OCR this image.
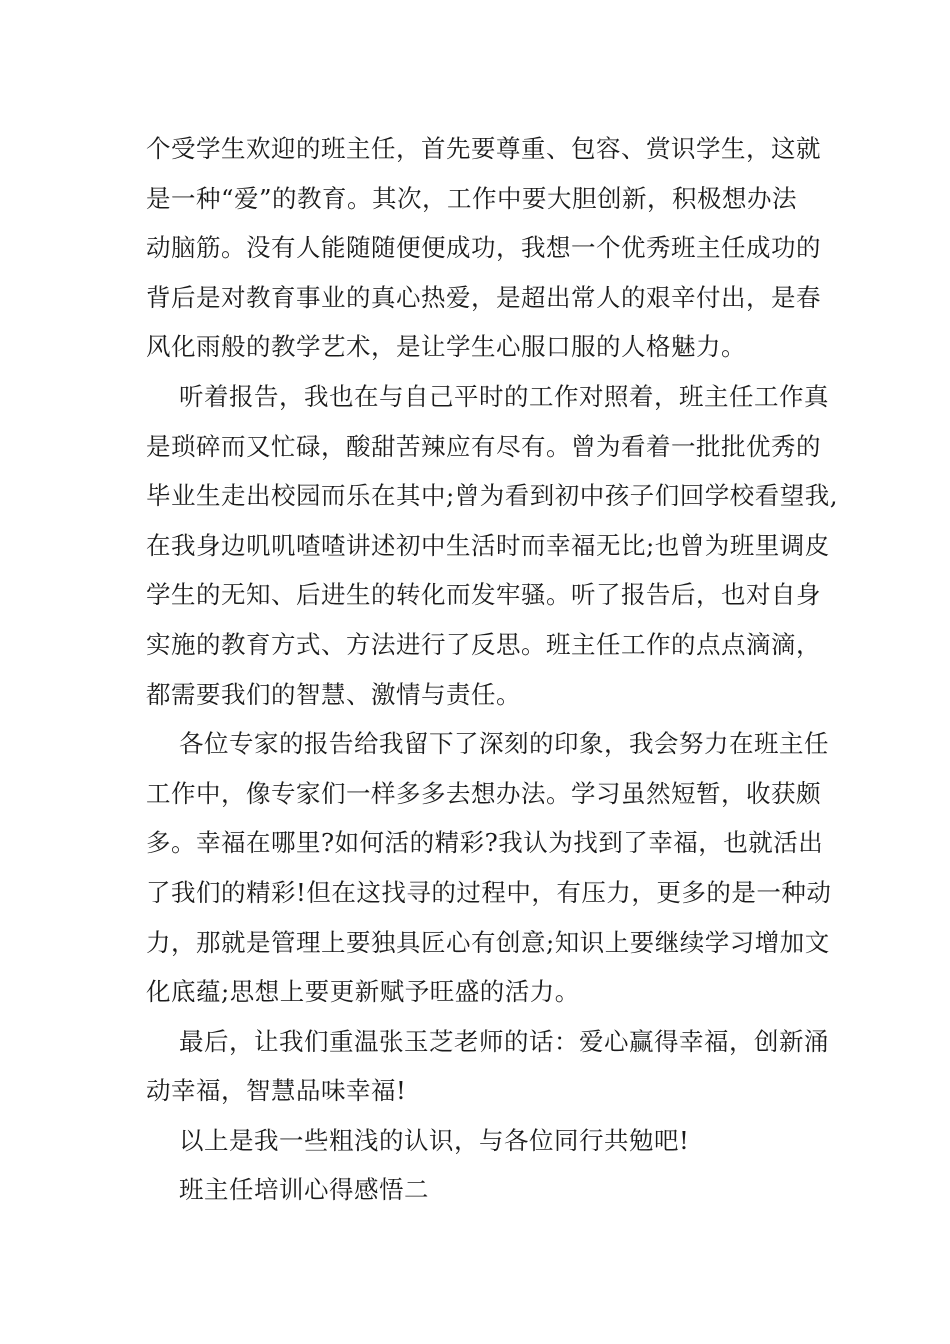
个受学生欢迎的班主任，首先要尊重、包容、赏识学生，这就
是一种“爱”的教育。其次，工作中要大胆创新，积极想办法
动脑筋。没有人能随随便便成功，我想一个优秀班主任成功的
背后是对教育事业的真心热爱，是超出常人的艰辛付出，是春
风化雨般的教学艺术，是让学生心服口服的人格魅力。
听着报告，我也在与自己平时的工作对照着，班主任工作真
是琐碎而又忙碌，酸甜苦辣应有尽有。曾为看着一批批优秀的
毕业生走出校园而乐在其中;曾为看到初中孩子们回学校看望我,
在我身边叽叽喳喳讲述初中生活时而幸福无比;也曾为班里调皮
学生的无知、后进生的转化而发牢骚。听了报告后，也对自身
实施的教育方式、方法进行了反思。班主任工作的点点滴滴，
都需要我们的智慧、激情与责任。
各位专家的报告给我留下了深刻的印象，我会努力在班主任
工作中，像专家们一样多多去想办法。学习虽然短暂，收获颇
多。幸福在哪里?如何活的精彩?我认为找到了幸福，也就活出
了我们的精彩!但在这找寻的过程中，有压力，更多的是一种动
力，那就是管理上要独具匠心有创意;知识上要继续学习增加文
化底蕴;思想上要更新赋予旺盛的活力。
最后，让我们重温张玉芝老师的话：爱心赢得幸福，创新涌
动幸福，智慧品味幸福!
以上是我一些粗浅的认识，与各位同行共勉吧!
班主任培训心得感悟二
